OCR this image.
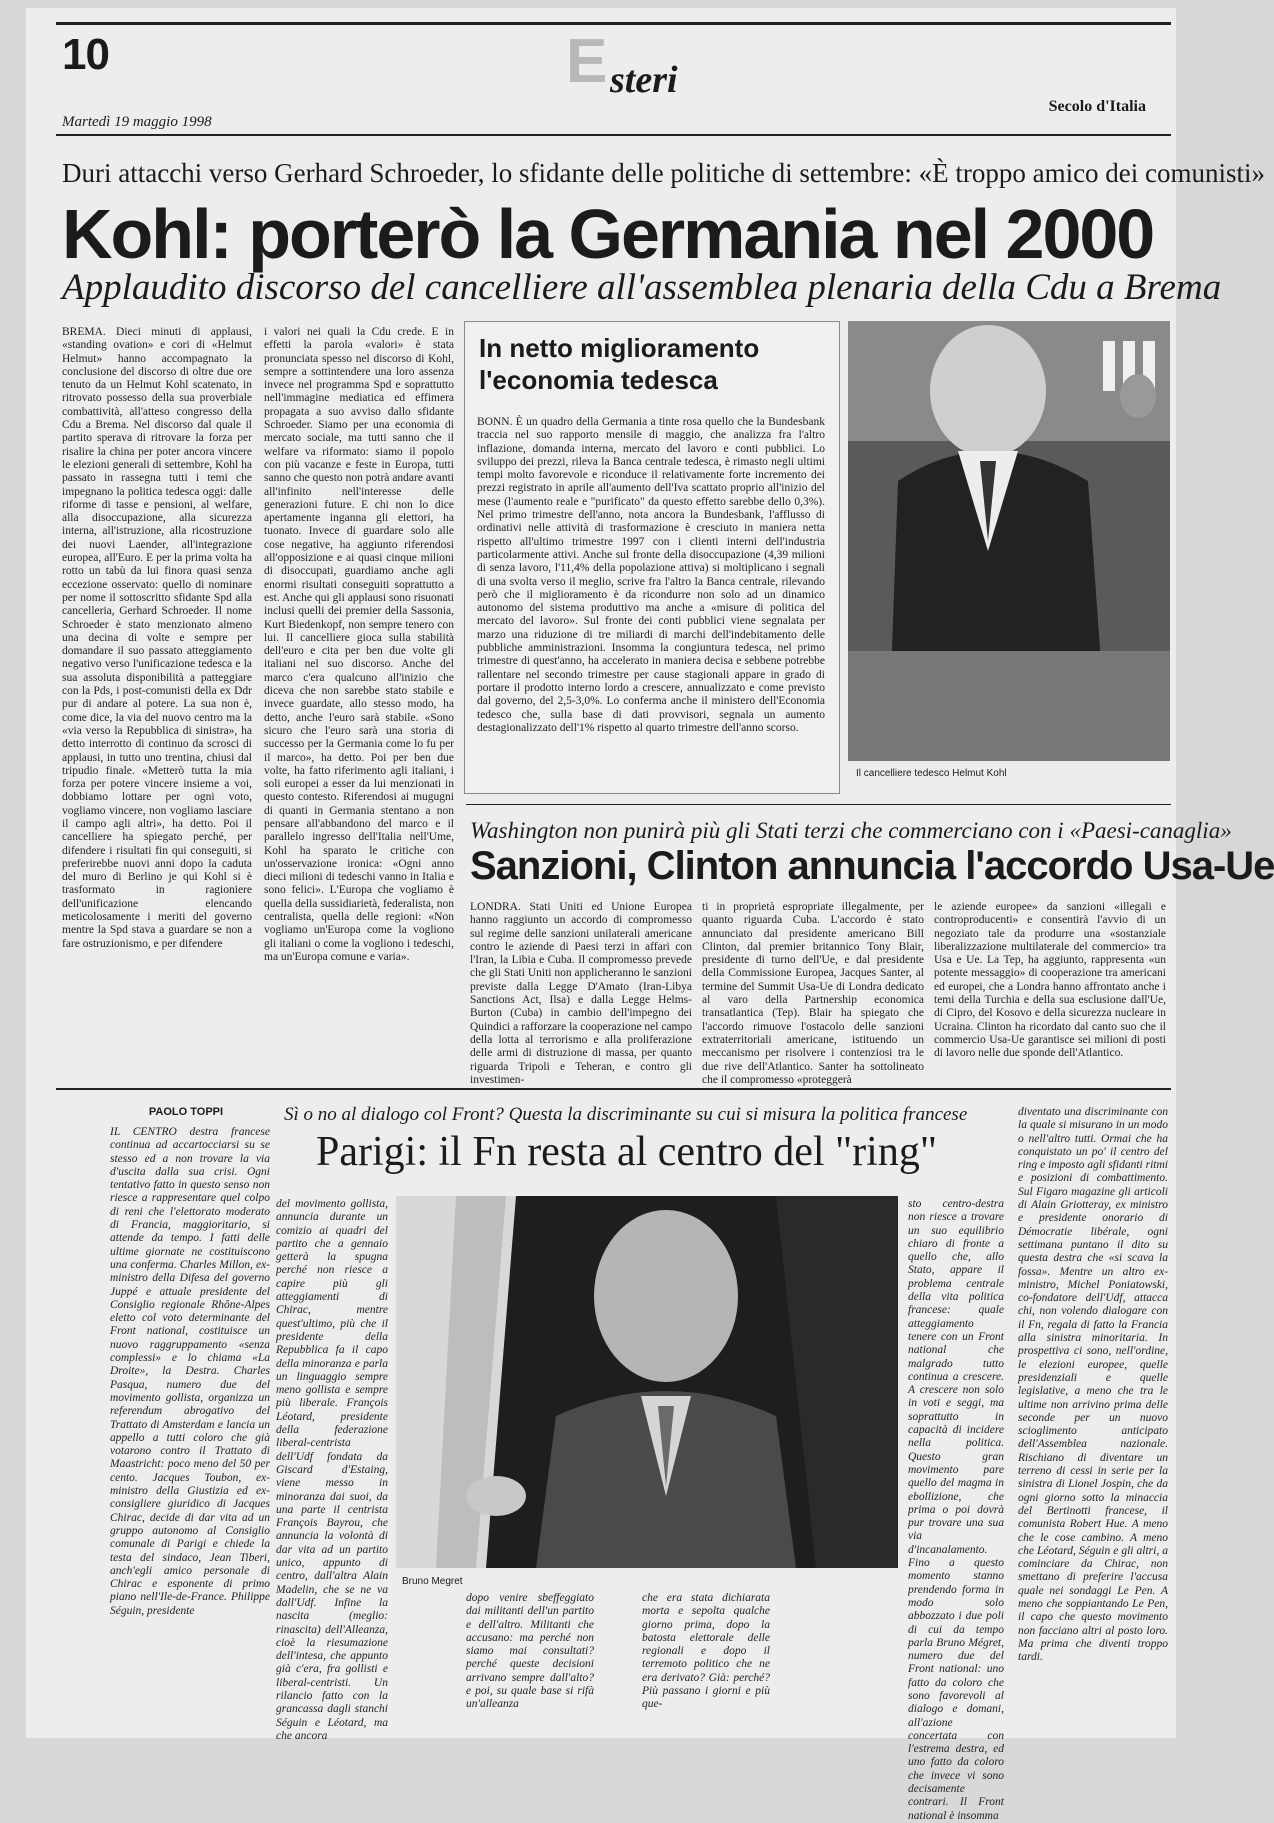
10	E steri
Martedì 19 maggio 1998
Secolo d'Italia
Duri attacchi verso Gerhard Schroeder, lo sfidante delle politiche di settembre: «È troppo amico dei comunisti»
Kohl: porterò la Germania nel 2000
Applaudito discorso del cancelliere all'assemblea plenaria della Cdu a Brema
BREMA. Dieci minuti di applausi, «standing ovation» e cori di «Helmut Helmut» hanno accompagnato la conclusione del discorso di oltre due ore tenuto da un Helmut Kohl scatenato, in ritrovato possesso della sua proverbiale combattività, all'atteso congresso della Cdu a Brema. Nel discorso dal quale il partito sperava di ritrovare la forza per risalire la china per poter ancora vincere le elezioni generali di settembre, Kohl ha passato in rassegna tutti i temi che impegnano la politica tedesca oggi: dalle riforme di tasse e pensioni, al welfare, alla disoccupazione, alla sicurezza interna, all'istruzione, alla ricostruzione dei nuovi Laender, all'integrazione europea, all'Euro. E per la prima volta ha rotto un tabù da lui finora quasi senza eccezione osservato: quello di nominare per nome il sottoscritto sfidante Spd alla cancelleria, Gerhard Schroeder. Il nome Schroeder è stato menzionato almeno una decina di volte e sempre per domandare il suo passato atteggiamento negativo verso l'unificazione tedesca e la sua assoluta disponibilità a patteggiare con la Pds, i post-comunisti della ex Ddr pur di andare al potere. La sua non è, come dice, la via del nuovo centro ma la «via verso la Repubblica di sinistra», ha detto interrotto di continuo da scrosci di applausi, in tutto uno trentina, chiusi dal tripudio finale. «Metterò tutta la mia forza per potere vincere insieme a voi, dobbiamo lottare per ogni voto, vogliamo vincere, non vogliamo lasciare il campo agli altri», ha detto. Poi il cancelliere ha spiegato perché, per difendere i risultati fin qui conseguiti, si preferirebbe nuovi anni dopo la caduta del muro di Berlino je qui Kohl si è trasformato in ragioniere dell'unificazione elencando meticolosamente i meriti del governo mentre la Spd stava a guardare se non a fare ostruzionismo, e per difendere
i valori nei quali la Cdu crede. E in effetti la parola «valori» è stata pronunciata spesso nel discorso di Kohl, sempre a sottintendere una loro assenza invece nel programma Spd e soprattutto nell'immagine mediatica ed effimera propagata a suo avviso dallo sfidante Schroeder. Siamo per una economia di mercato sociale, ma tutti sanno che il welfare va riformato: siamo il popolo con più vacanze e feste in Europa, tutti sanno che questo non potrà andare avanti all'infinito nell'interesse delle generazioni future. E chi non lo dice apertamente inganna gli elettori, ha tuonato. Invece di guardare solo alle cose negative, ha aggiunto riferendosi all'opposizione e ai quasi cinque milioni di disoccupati, guardiamo anche agli enormi risultati conseguiti soprattutto a est. Anche qui gli applausi sono risuonati inclusi quelli dei premier della Sassonia, Kurt Biedenkopf, non sempre tenero con lui. Il cancelliere gioca sulla stabilità dell'euro e cita per ben due volte gli italiani nel suo discorso. Anche del marco c'era qualcuno all'inizio che diceva che non sarebbe stato stabile e invece guardate, allo stesso modo, ha detto, anche l'euro sarà stabile. «Sono sicuro che l'euro sarà una storia di successo per la Germania come lo fu per il marco», ha detto. Poi per ben due volte, ha fatto riferimento agli italiani, i soli europei a esser da lui menzionati in questo contesto. Riferendosi ai mugugni di quanti in Germania stentano a non pensare all'abbandono del marco e il parallelo ingresso dell'Italia nell'Ume, Kohl ha sparato le critiche con un'osservazione ironica: «Ogni anno dieci milioni di tedeschi vanno in Italia e sono felici». L'Europa che vogliamo è quella della sussidiarietà, federalista, non centralista, quella delle regioni: «Non vogliamo un'Europa come la vogliono gli italiani o come la vogliono i tedeschi, ma un'Europa comune e varia».
In netto miglioramento l'economia tedesca
BONN. È un quadro della Germania a tinte rosa quello che la Bundesbank traccia nel suo rapporto mensile di maggio, che analizza fra l'altro inflazione, domanda interna, mercato del lavoro e conti pubblici. Lo sviluppo dei prezzi, rileva la Banca centrale tedesca, è rimasto negli ultimi tempi molto favorevole e riconduce il relativamente forte incremento dei prezzi registrato in aprile all'aumento dell'Iva scattato proprio all'inizio del mese (l'aumento reale e "purificato" da questo effetto sarebbe dello 0,3%). Nel primo trimestre dell'anno, nota ancora la Bundesbank, l'afflusso di ordinativi nelle attività di trasformazione è cresciuto in maniera netta rispetto all'ultimo trimestre 1997 con i clienti interni dell'industria particolarmente attivi. Anche sul fronte della disoccupazione (4,39 milioni di senza lavoro, l'11,4% della popolazione attiva) si moltiplicano i segnali di una svolta verso il meglio, scrive fra l'altro la Banca centrale, rilevando però che il miglioramento è da ricondurre non solo ad un dinamico autonomo del sistema produttivo ma anche a «misure di politica del mercato del lavoro». Sul fronte dei conti pubblici viene segnalata per marzo una riduzione di tre miliardi di marchi dell'indebitamento delle pubbliche amministrazioni. Insomma la congiuntura tedesca, nel primo trimestre di quest'anno, ha accelerato in maniera decisa e sebbene potrebbe rallentare nel secondo trimestre per cause stagionali appare in grado di portare il prodotto interno lordo a crescere, annualizzato e come previsto dal governo, del 2,5-3,0%. Lo conferma anche il ministero dell'Economia tedesco che, sulla base di dati provvisori, segnala un aumento destagionalizzato dell'1% rispetto al quarto trimestre dell'anno scorso.
Il cancelliere tedesco Helmut Kohl
Washington non punirà più gli Stati terzi che commerciano con i «Paesi-canaglia»
Sanzioni, Clinton annuncia l'accordo Usa-Ue
LONDRA. Stati Uniti ed Unione Europea hanno raggiunto un accordo di compromesso sul regime delle sanzioni unilaterali americane contro le aziende di Paesi terzi in affari con l'Iran, la Libia e Cuba. Il compromesso prevede che gli Stati Uniti non applicheranno le sanzioni previste dalla Legge D'Amato (Iran-Libya Sanctions Act, Ilsa) e dalla Legge Helms-Burton (Cuba) in cambio dell'impegno dei Quindici a rafforzare la cooperazione nel campo della lotta al terrorismo e alla proliferazione delle armi di distruzione di massa, per quanto riguarda Tripoli e Teheran, e contro gli investimen-
ti in proprietà espropriate illegalmente, per quanto riguarda Cuba. L'accordo è stato annunciato dal presidente americano Bill Clinton, dal premier britannico Tony Blair, presidente di turno dell'Ue, e dal presidente della Commissione Europea, Jacques Santer, al termine del Summit Usa-Ue di Londra dedicato al varo della Partnership economica transatlantica (Tep). Blair ha spiegato che l'accordo rimuove l'ostacolo delle sanzioni extraterritoriali americane, istituendo un meccanismo per risolvere i contenziosi tra le due rive dell'Atlantico. Santer ha sottolineato che il compromesso «proteggerà
le aziende europee» da sanzioni «illegali e controproducenti» e consentirà l'avvio di un negoziato tale da produrre una «sostanziale liberalizzazione multilaterale del commercio» tra Usa e Ue. La Tep, ha aggiunto, rappresenta «un potente messaggio» di cooperazione tra americani ed europei, che a Londra hanno affrontato anche i temi della Turchia e della sua esclusione dall'Ue, di Cipro, del Kosovo e della sicurezza nucleare in Ucraina. Clinton ha ricordato dal canto suo che il commercio Usa-Ue garantisce sei milioni di posti di lavoro nelle due sponde dell'Atlantico.
PAOLO TOPPI	Sì o no al dialogo col Front? Questa la discriminante su cui si misura la politica francese
Parigi: il Fn resta al centro del "ring"
IL CENTRO destra francese continua ad accartocciarsi su se stesso ed a non trovare la via d'uscita dalla sua crisi. Ogni tentativo fatto in questo senso non riesce a rappresentare quel colpo di reni che l'elettorato moderato di Francia, maggioritario, si attende da tempo. I fatti delle ultime giornate ne costituiscono una conferma. Charles Millon, ex-ministro della Difesa del governo Juppé e attuale presidente del Consiglio regionale Rhône-Alpes eletto col voto determinante del Front national, costituisce un nuovo raggruppamento «senza complessi» e lo chiama «La Droite», la Destra. Charles Pasqua, numero due del movimento gollista, organizza un referendum abrogativo del Trattato di Amsterdam e lancia un appello a tutti coloro che già votarono contro il Trattato di Maastricht: poco meno del 50 per cento. Jacques Toubon, ex-ministro della Giustizia ed ex-consigliere giuridico di Jacques Chirac, decide di dar vita ad un gruppo autonomo al Consiglio comunale di Parigi e chiede la testa del sindaco, Jean Tiberi, anch'egli amico personale di Chirac e esponente di primo piano nell'Ile-de-France. Philippe Séguin, presidente
del movimento gollista, annuncia durante un comizio ai quadri del partito che a gennaio getterà la spugna perché non riesce a capire più gli atteggiamenti di Chirac, mentre quest'ultimo, più che il presidente della Repubblica fa il capo della minoranza e parla un linguaggio sempre meno gollista e sempre più liberale. François Léotard, presidente della federazione liberal-centrista dell'Udf fondata da Giscard d'Estaing, viene messo in minoranza dai suoi, da una parte il centrista François Bayrou, che annuncia la volontà di dar vita ad un partito unico, appunto di centro, dall'altra Alain Madelin, che se ne va dall'Udf. Infine la nascita (meglio: rinascita) dell'Alleanza, cioè la riesumazione dell'intesa, che appunto già c'era, fra gollisti e liberal-centristi. Un rilancio fatto con la grancassa dagli stanchi Séguin e Léotard, ma che ancora
Bruno Megret
dopo venire sbeffeggiato dai militanti dell'un partito e dell'altro. Militanti che accusano: ma perché non siamo mai consultati? perché queste decisioni arrivano sempre dall'alto? e poi, su quale base si rifà un'alleanza
che era stata dichiarata morta e sepolta qualche giorno prima, dopo la batosta elettorale delle regionali e dopo il terremoto politico che ne era derivato? Già: perché? Più passano i giorni e più que-
sto centro-destra non riesce a trovare un suo equilibrio chiaro di fronte a quello che, allo Stato, appare il problema centrale della vita politica francese: quale atteggiamento tenere con un Front national che malgrado tutto continua a crescere. A crescere non solo in voti e seggi, ma soprattutto in capacità di incidere nella politica. Questo gran movimento pare quello del magma in ebollizione, che prima o poi dovrà pur trovare una sua via d'incanalamento. Fino a questo momento stanno prendendo forma in modo solo abbozzato i due poli di cui da tempo parla Bruno Mégret, numero due del Front national: uno fatto da coloro che sono favorevoli al dialogo e domani, all'azione concertata con l'estrema destra, ed uno fatto da coloro che invece vi sono decisamente contrari. Il Front national è insomma
diventato una discriminante con la quale si misurano in un modo o nell'altro tutti. Ormai che ha conquistato un po' il centro del ring e imposto agli sfidanti ritmi e posizioni di combattimento. Sul Figaro magazine gli articoli di Alain Griotteray, ex ministro e presidente onorario di Démocratie libérale, ogni settimana puntano il dito su questa destra che «si scava la fossa». Mentre un altro ex-ministro, Michel Poniatowski, co-fondatore dell'Udf, attacca chi, non volendo dialogare con il Fn, regala di fatto la Francia alla sinistra minoritaria. In prospettiva ci sono, nell'ordine, le elezioni europee, quelle presidenziali e quelle legislative, a meno che tra le ultime non arrivino prima delle seconde per un nuovo scioglimento anticipato dell'Assemblea nazionale. Rischiano di diventare un terreno di cessi in serie per la sinistra di Lionel Jospin, che da ogni giorno sotto la minaccia del Bertinotti francese, il comunista Robert Hue. A meno che le cose cambino. A meno che Léotard, Séguin e gli altri, a cominciare da Chirac, non smettano di preferire l'accusa quale nei sondaggi Le Pen. A meno che soppiantando Le Pen, il capo che questo movimento non facciano altri al posto loro. Ma prima che diventi troppo tardi.
